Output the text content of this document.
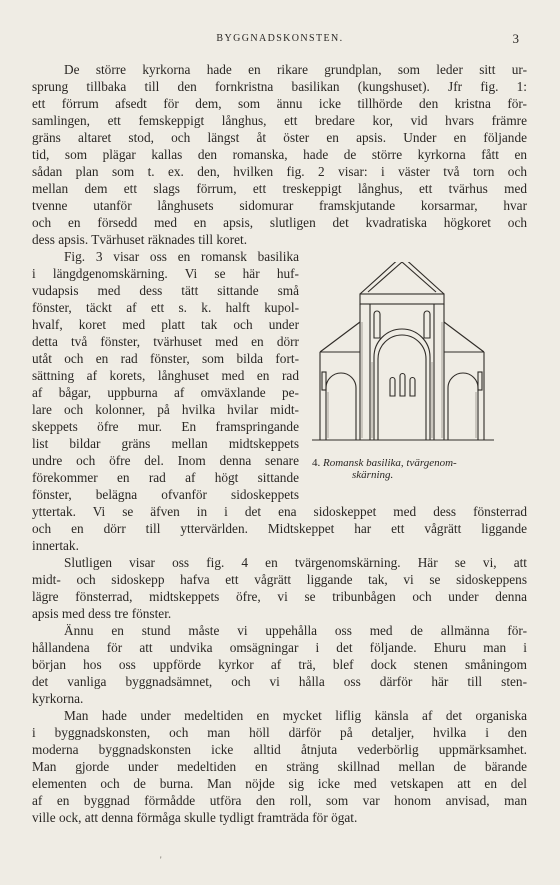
BYGGNADSKONSTEN.	3
De större kyrkorna hade en rikare grundplan, som leder sitt ur-
sprung tillbaka till den fornkristna basilikan (kungshuset). Jfr fig. 1:
ett förrum afsedt för dem, som ännu icke tillhörde den kristna för-
samlingen, ett femskeppigt långhus, ett bredare kor, vid hvars främre
gräns altaret stod, och längst åt öster en apsis. Under en följande
tid, som plägar kallas den romanska, hade de större kyrkorna fått en
sådan plan som t. ex. den, hvilken fig. 2 visar: i väster två torn och
mellan dem ett slags förrum, ett treskeppigt långhus, ett tvärhus med
tvenne utanför långhusets sidomurar framskjutande korsarmar, hvar
och en försedd med en apsis, slutligen det kvadratiska högkoret och
dess apsis. Tvärhuset räknades till koret.
Fig. 3 visar oss en romansk basilika
i längdgenomskärning. Vi se här huf-
vudapsis med dess tätt sittande små
fönster, täckt af ett s. k. halft kupol-
hvalf, koret med platt tak och under
detta två fönster, tvärhuset med en dörr
utåt och en rad fönster, som bilda fort-
sättning af korets, långhuset med en rad
af bågar, uppburna af omväxlande pe-
lare och kolonner, på hvilka hvilar midt-
skeppets öfre mur. En framspringande
list bildar gräns mellan midtskeppets
undre och öfre del. Inom denna senare
förekommer en rad af högt sittande
fönster, belägna ofvanför sidoskeppets
yttertak. Vi se äfven in i det ena sidoskeppet med dess fönsterrad
och en dörr till yttervärlden. Midtskeppet har ett vågrätt liggande
innertak.
Slutligen visar oss fig. 4 en tvärgenomskärning. Här se vi, att
midt- och sidoskepp hafva ett vågrätt liggande tak, vi se sidoskeppens
lägre fönsterrad, midtskeppets öfre, vi se tribunbågen och under denna
apsis med dess tre fönster.
Ännu en stund måste vi uppehålla oss med de allmänna för-
hållandena för att undvika omsägningar i det följande. Ehuru man i
början hos oss uppförde kyrkor af trä, blef dock stenen småningom
det vanliga byggnadsämnet, och vi hålla oss därför här till sten-
kyrkorna.
Man hade under medeltiden en mycket liflig känsla af det organiska
i byggnadskonsten, och man höll därför på detaljer, hvilka i den
moderna byggnadskonsten icke alltid åtnjuta vederbörlig uppmärksamhet.
Man gjorde under medeltiden en sträng skillnad mellan de bärande
elementen och de burna. Man nöjde sig icke med vetskapen att en del
af en byggnad förmådde utföra den roll, som var honom anvisad, man
ville ock, att denna förmåga skulle tydligt framträda för ögat.
4. Romansk basilika, tvärgenom-
skärning.
'
